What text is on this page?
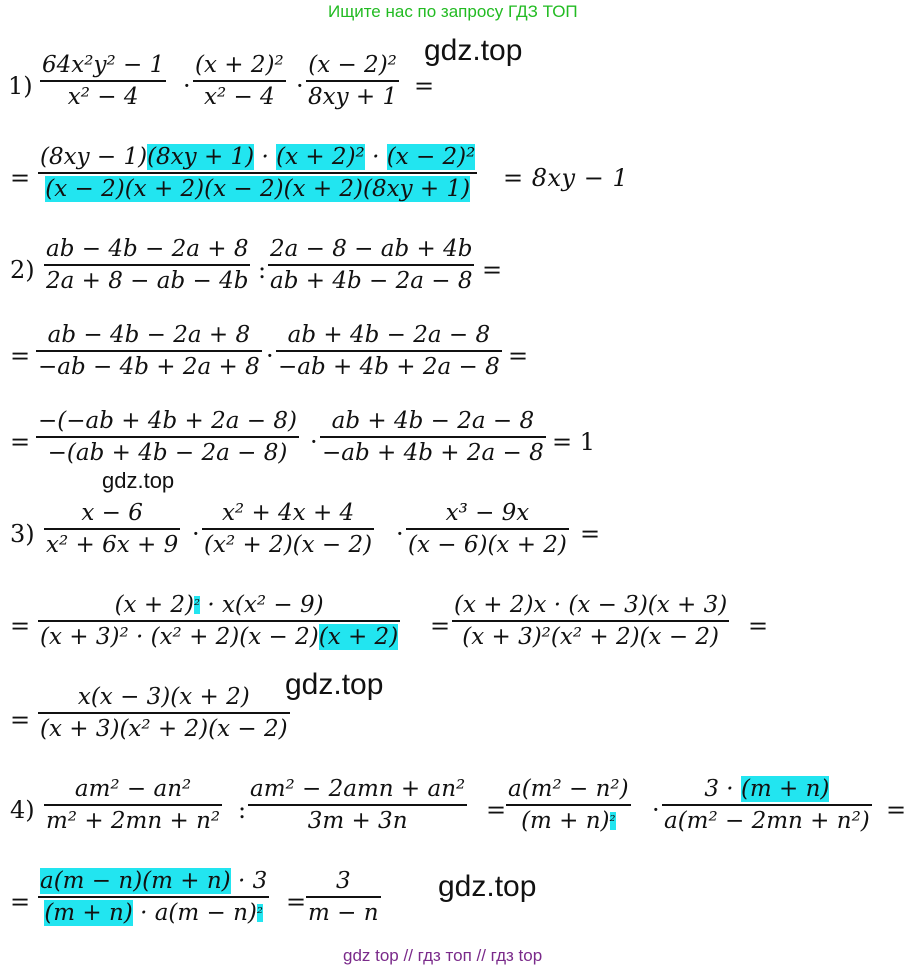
Ищите нас по запросу ГДЗ ТОП
gdz.top
gdz.top
gdz.top
gdz.top
1)
64x²y² − 1
x² − 4 ·
(x + 2)²
x² − 4 ·
(x − 2)²
8xy + 1 =
=
(8xy − 1)(8xy + 1) · (x + 2)² · (x − 2)²
(x − 2)(x + 2)(x − 2)(x + 2)(8xy + 1) = 8xy − 1
2)
ab − 4b − 2a + 8
2a + 8 − ab − 4b :
2a − 8 − ab + 4b
ab + 4b − 2a − 8 =
=
ab − 4b − 2a + 8
−ab − 4b + 2a + 8 ·
ab + 4b − 2a − 8
−ab + 4b + 2a − 8 =
=
−(−ab + 4b + 2a − 8)
−(ab + 4b − 2a − 8) ·
ab + 4b − 2a − 8
−ab + 4b + 2a − 8 = 1
3)
x − 6
x² + 6x + 9 ·
x² + 4x + 4
(x² + 2)(x − 2) ·
x³ − 9x
(x − 6)(x + 2) =
=
$(x + 2)^{^2} \cdot x(x^2 - 9)$
(x + 3)² · (x² + 2)(x − 2)(x + 2) =
(x + 2)x · (x − 3)(x + 3)
(x + 3)²(x² + 2)(x − 2) =
=
x(x − 3)(x + 2)
(x + 3)(x² + 2)(x − 2)
4)
am² − an²
m² + 2mn + n² :
am² − 2amn + an²
3m + 3n	=
a(m² − n²)
$(m + n)^{^2}$ ·
3 · (m + n)
a(m² − 2mn + n²) =
=
a(m − n)(m + n) · 3
$(m + n) \cdot a(m - n)^{^2}$ =
3
m − n
gdz top // гдз топ // гдз top
